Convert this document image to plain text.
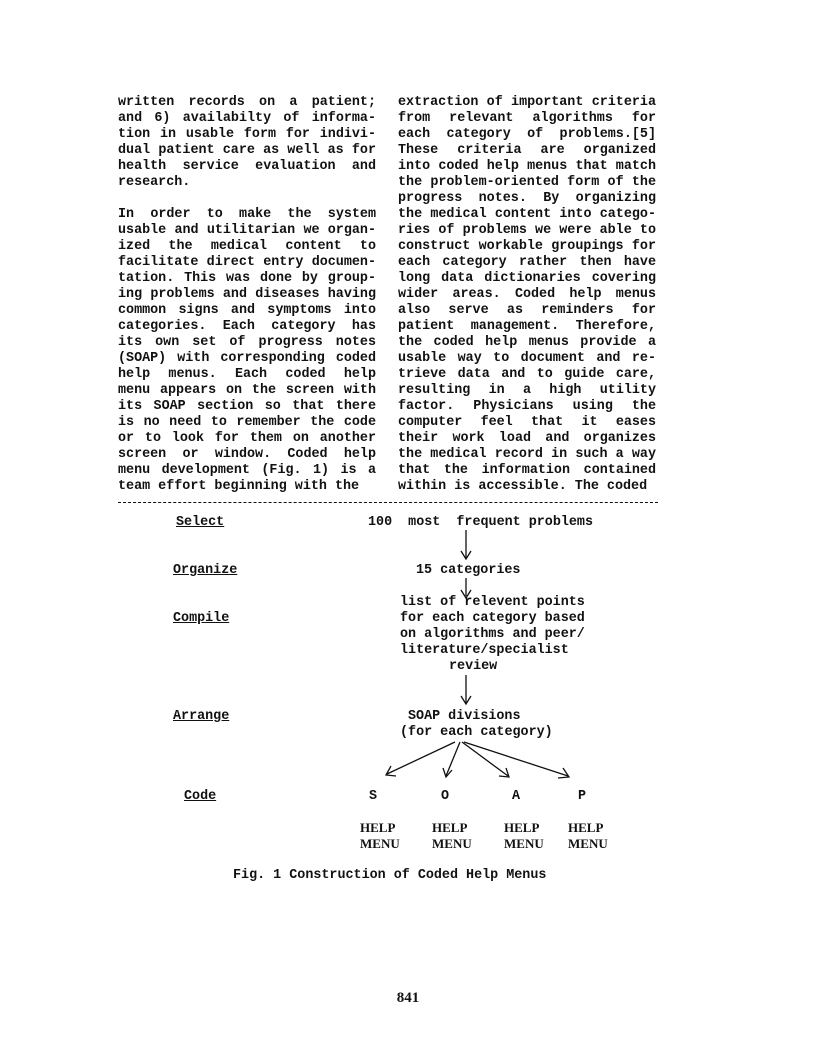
written records on a patient;
and 6) availabilty of informa-
tion in usable form for indivi-
dual patient care as well as for
health service evaluation and
research.
In order to make the system
usable and utilitarian we organ-
ized the medical content to
facilitate direct entry documen-
tation. This was done by group-
ing problems and diseases having
common signs and symptoms into
categories. Each category has
its own set of progress notes
(SOAP) with corresponding coded
help menus. Each coded help
menu appears on the screen with
its SOAP section so that there
is no need to remember the code
or to look for them on another
screen or window. Coded help
menu development (Fig. 1) is a
team effort beginning with the
extraction of important criteria
from relevant algorithms for
each category of problems.[5]
These criteria are organized
into coded help menus that match
the problem-oriented form of the
progress notes. By organizing
the medical content into catego-
ries of problems we were able to
construct workable groupings for
each category rather then have
long data dictionaries covering
wider areas. Coded help menus
also serve as reminders for
patient management. Therefore,
the coded help menus provide a
usable way to document and re-
trieve data and to guide care,
resulting in a high utility
factor. Physicians using the
computer feel that it eases
their work load and organizes
the medical record in such a way
that the information contained
within is accessible. The coded
Select
Organize
Compile
Arrange
Code
100  most  frequent problems
15 categories
list of relevent points
for each category based
on algorithms and peer/
literature/specialist
review
SOAP divisions
(for each category)
S	O	A	P
HELP
MENU
HELP
MENU
HELP
MENU
HELP
MENU
Fig. 1 Construction of Coded Help Menus
841
